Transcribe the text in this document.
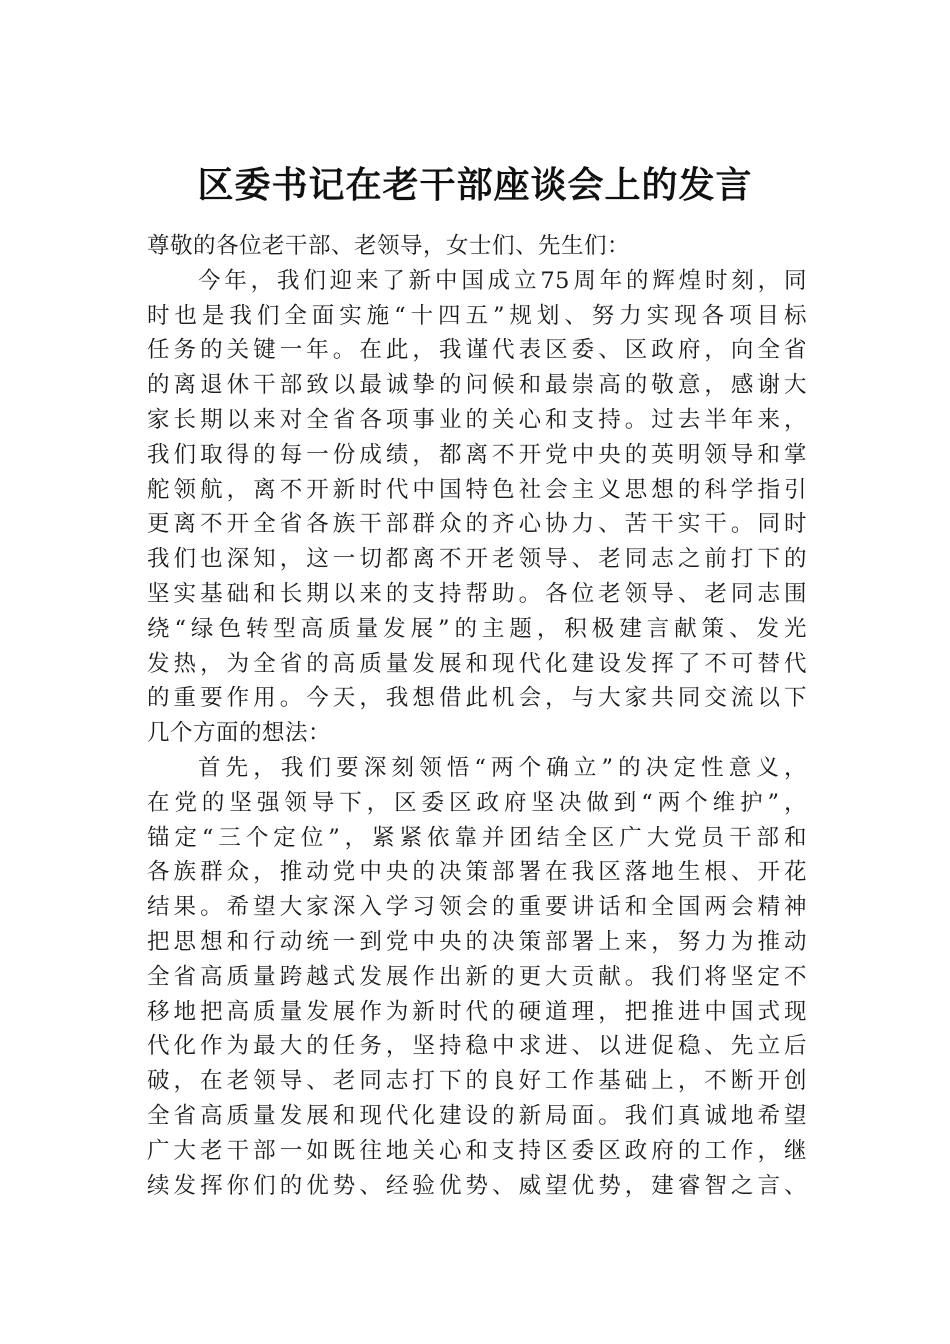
区委书记在老干部座谈会上的发言
尊敬的各位老干部、老领导，女士们、先生们：
今年，我们迎来了新中国成立75周年的辉煌时刻，同
时也是我们全面实施“十四五”规划、努力实现各项目标
任务的关键一年。在此，我谨代表区委、区政府，向全省
的离退休干部致以最诚挚的问候和最崇高的敬意，感谢大
家长期以来对全省各项事业的关心和支持。过去半年来，
我们取得的每一份成绩，都离不开党中央的英明领导和掌
舵领航，离不开新时代中国特色社会主义思想的科学指引
更离不开全省各族干部群众的齐心协力、苦干实干。同时
我们也深知，这一切都离不开老领导、老同志之前打下的
坚实基础和长期以来的支持帮助。各位老领导、老同志围
绕“绿色转型高质量发展”的主题，积极建言献策、发光
发热，为全省的高质量发展和现代化建设发挥了不可替代
的重要作用。今天，我想借此机会，与大家共同交流以下
几个方面的想法：
首先，我们要深刻领悟“两个确立”的决定性意义，
在党的坚强领导下，区委区政府坚决做到“两个维护”，
锚定“三个定位”，紧紧依靠并团结全区广大党员干部和
各族群众，推动党中央的决策部署在我区落地生根、开花
结果。希望大家深入学习领会的重要讲话和全国两会精神
把思想和行动统一到党中央的决策部署上来，努力为推动
全省高质量跨越式发展作出新的更大贡献。我们将坚定不
移地把高质量发展作为新时代的硬道理，把推进中国式现
代化作为最大的任务，坚持稳中求进、以进促稳、先立后
破，在老领导、老同志打下的良好工作基础上，不断开创
全省高质量发展和现代化建设的新局面。我们真诚地希望
广大老干部一如既往地关心和支持区委区政府的工作，继
续发挥你们的优势、经验优势、威望优势，建睿智之言、
